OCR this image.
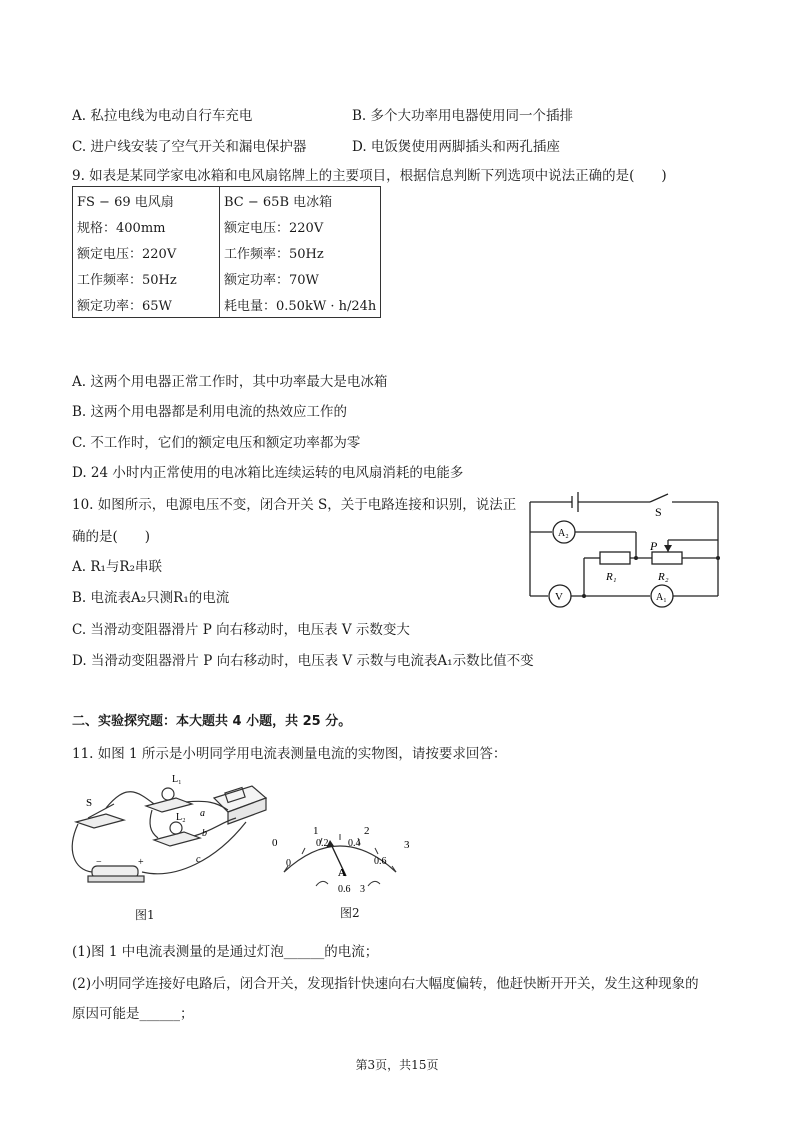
A. 私拉电线为电动自行车充电	B. 多个大功率用电器使用同一个插排
C. 进户线安装了空气开关和漏电保护器	D. 电饭煲使用两脚插头和两孔插座
9. 如表是某同学家电冰箱和电风扇铭牌上的主要项目，根据信息判断下列选项中说法正确的是(　　)
FS − 69 电风扇	BC − 65B 电冰箱
规格：400mm	额定电压：220V
额定电压：220V	工作频率：50Hz
工作频率：50Hz	额定功率：70W
额定功率：65W	耗电量：0.50kW · h/24h
A. 这两个用电器正常工作时，其中功率最大是电冰箱
B. 这两个用电器都是利用电流的热效应工作的
C. 不工作时，它们的额定电压和额定功率都为零
D. 24 小时内正常使用的电冰箱比连续运转的电风扇消耗的电能多
10. 如图所示，电源电压不变，闭合开关 S，关于电路连接和识别，说法正
确的是(　　)
A. R₁与R₂串联
B. 电流表A₂只测R₁的电流
C. 当滑动变阻器滑片 P 向右移动时，电压表 V 示数变大
D. 当滑动变阻器滑片 P 向右移动时，电压表 V 示数与电流表A₁示数比值不变
S
A₂
P
R₁	R₂
V	A₁
二、实验探究题：本大题共 4 小题，共 25 分。
11. 如图 1 所示是小明同学用电流表测量电流的实物图，请按要求回答：
L₁
L₂
S
a
b
c
−	+
图1
0
1	2
3
0
0.2 0.4
0.6
A
0.6 3
图2
(1)图 1 中电流表测量的是通过灯泡______的电流；
(2)小明同学连接好电路后，闭合开关，发现指针快速向右大幅度偏转，他赶快断开开关，发生这种现象的
原因可能是______；
第3页，共15页
